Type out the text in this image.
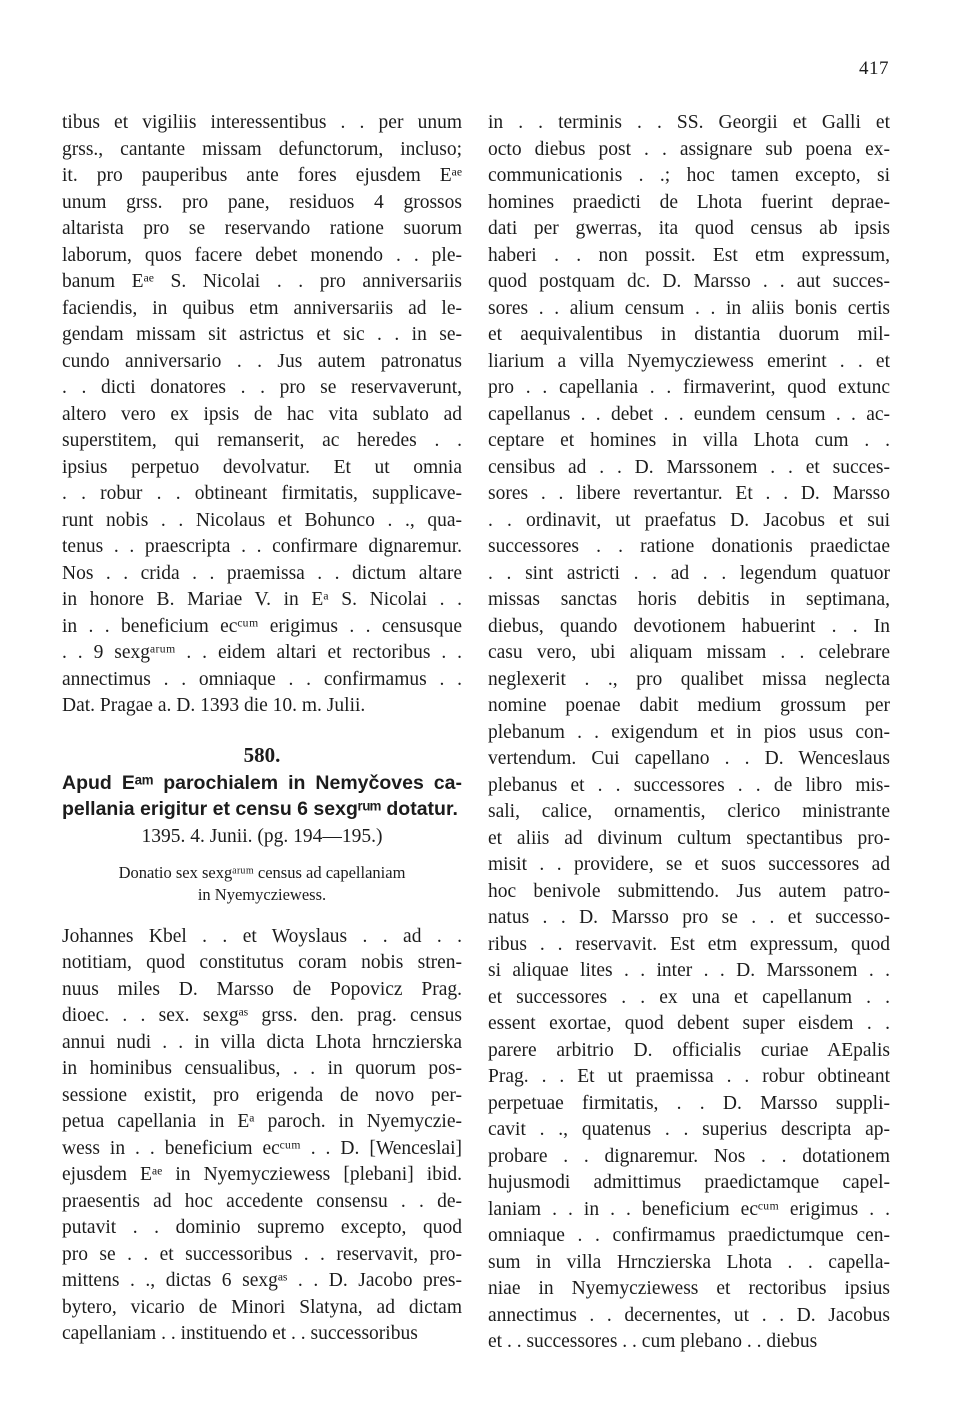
417
tibus et vigiliis interessentibus . . per unum
grss., cantante missam defunctorum, incluso;
it. pro pauperibus ante fores ejusdem Eᵃᵉ
unum grss. pro pane, residuos 4 grossos
altarista pro se reservando ratione suorum
laborum, quos facere debet monendo . . ple-
banum Eᵃᵉ S. Nicolai . . pro anniversariis
faciendis, in quibus etm anniversariis ad le-
gendam missam sit astrictus et sic . . in se-
cundo anniversario . . Jus autem patronatus
. . dicti donatores . . pro se reservaverunt,
altero vero ex ipsis de hac vita sublato ad
superstitem, qui remanserit, ac heredes . .
ipsius perpetuo devolvatur. Et ut omnia
. . robur . . obtineant firmitatis, supplicave-
runt nobis . . Nicolaus et Bohunco . ., qua-
tenus . . praescripta . . confirmare dignaremur.
Nos . . crida . . praemissa . . dictum altare
in honore B. Mariae V. in Eᵃ S. Nicolai . .
in . . beneficium ecᶜᵘᵐ erigimus . . censusque
. . 9 sexgᵃʳᵘᵐ . . eidem altari et rectoribus . .
annectimus . . omniaque . . confirmamus . .
Dat. Pragae a. D. 1393 die 10. m. Julii.
580.
Apud Eᵃᵐ parochialem in Nemyčoves ca-
pellania erigitur et censu 6 sexgʳᵘᵐ dotatur.
1395. 4. Junii. (pg. 194—195.)
Donatio sex sexgᵃʳᵘᵐ census ad capellaniam
in Nyemycziewess.
Johannes Kbel . . et Woyslaus . . ad . .
notitiam, quod constitutus coram nobis stren-
nuus miles D. Marsso de Popovicz Prag.
dioec. . . sex. sexgᵃˢ grss. den. prag. census
annui nudi . . in villa dicta Lhota hrnczierska
in hominibus censualibus, . . in quorum pos-
sessione existit, pro erigenda de novo per-
petua capellania in Eᵃ paroch. in Nyemyczie-
wess in . . beneficium ecᶜᵘᵐ . . D. [Wenceslai]
ejusdem Eᵃᵉ in Nyemycziewess [plebani] ibid.
praesentis ad hoc accedente consensu . . de-
putavit . . dominio supremo excepto, quod
pro se . . et successoribus . . reservavit, pro-
mittens . ., dictas 6 sexgᵃˢ . . D. Jacobo pres-
bytero, vicario de Minori Slatyna, ad dictam
capellaniam . . instituendo et . . successoribus
in . . terminis . . SS. Georgii et Galli et
octo diebus post . . assignare sub poena ex-
communicationis . .; hoc tamen excepto, si
homines praedicti de Lhota fuerint deprae-
dati per gwerras, ita quod census ab ipsis
haberi . . non possit. Est etm expressum,
quod postquam dc. D. Marsso . . aut succes-
sores . . alium censum . . in aliis bonis certis
et aequivalentibus in distantia duorum mil-
liarium a villa Nyemycziewess emerint . . et
pro . . capellania . . firmaverint, quod extunc
capellanus . . debet . . eundem censum . . ac-
ceptare et homines in villa Lhota cum . .
censibus ad . . D. Marssonem . . et succes-
sores . . libere revertantur. Et . . D. Marsso
. . ordinavit, ut praefatus D. Jacobus et sui
successores . . ratione donationis praedictae
. . sint astricti . . ad . . legendum quatuor
missas sanctas horis debitis in septimana,
diebus, quando devotionem habuerint . . In
casu vero, ubi aliquam missam . . celebrare
neglexerit . ., pro qualibet missa neglecta
nomine poenae dabit medium grossum per
plebanum . . exigendum et in pios usus con-
vertendum. Cui capellano . . D. Wenceslaus
plebanus et . . successores . . de libro mis-
sali, calice, ornamentis, clerico ministrante
et aliis ad divinum cultum spectantibus pro-
misit . . providere, se et suos successores ad
hoc benivole submittendo. Jus autem patro-
natus . . D. Marsso pro se . . et successo-
ribus . . reservavit. Est etm expressum, quod
si aliquae lites . . inter . . D. Marssonem . .
et successores . . ex una et capellanum . .
essent exortae, quod debent super eisdem . .
parere arbitrio D. officialis curiae AEpalis
Prag. . . Et ut praemissa . . robur obtineant
perpetuae firmitatis, . . D. Marsso suppli-
cavit . ., quatenus . . superius descripta ap-
probare . . dignaremur. Nos . . dotationem
hujusmodi admittimus praedictamque capel-
laniam . . in . . beneficium ecᶜᵘᵐ erigimus . .
omniaque . . confirmamus praedictumque cen-
sum in villa Hrnczierska Lhota . . capella-
niae in Nyemycziewess et rectoribus ipsius
annectimus . . decernentes, ut . . D. Jacobus
et . . successores . . cum plebano . . diebus
